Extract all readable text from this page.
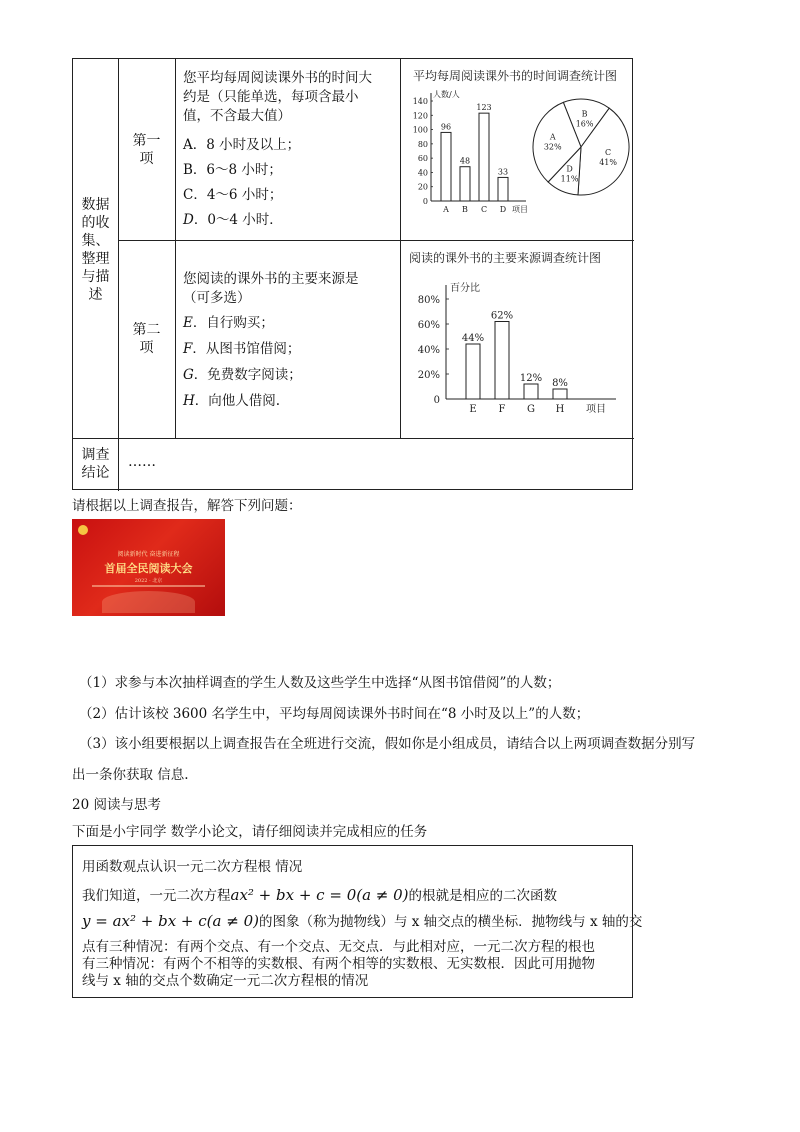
数据
的收
集、
整理
与描
述
第一
项
第二
项
调查
结论
……
您平均每周阅读课外书的时间大
约是（只能单选，每项含最小
值，不含最大值）
A．8 小时及以上；
B．6～8 小时；
C．4～6 小时；
D．0～4 小时．
您阅读的课外书的主要来源是
（可多选）
E．自行购买；
F．从图书馆借阅；
G．免费数字阅读；
H．向他人借阅.
平均每周阅读课外书的时间调查统计图
阅读的课外书的主要来源调查统计图
0
20
40
60
80
100
120
140
人数/人
96
A
48
B
123
C
33
D 项目
B
16%
C
41%
D
11%
A
32%
0
20%
40%
60%
80%
百分比
44%
E
62%
F
12%
G
8%
H 项目
请根据以上调查报告，解答下列问题：
阅读新时代 奋进新征程
首届全民阅读大会
2022 · 北京
（1）求参与本次抽样调查的学生人数及这些学生中选择“从图书馆借阅”的人数；
（2）估计该校 3600 名学生中，平均每周阅读课外书时间在“8 小时及以上”的人数；
（3）该小组要根据以上调查报告在全班进行交流，假如你是小组成员，请结合以上两项调查数据分别写
出一条你获取 信息.
20 阅读与思考
下面是小宇同学 数学小论文，请仔细阅读并完成相应的任务
用函数观点认识一元二次方程根 情况
我们知道，一元二次方程ax² + bx + c = 0(a ≠ 0)的根就是相应的二次函数
y = ax² + bx + c(a ≠ 0)的图象（称为抛物线）与 x 轴交点的横坐标．抛物线与 x 轴的交
点有三种情况：有两个交点、有一个交点、无交点．与此相对应，一元二次方程的根也
有三种情况：有两个不相等的实数根、有两个相等的实数根、无实数根．因此可用抛物
线与 x 轴的交点个数确定一元二次方程根的情况
